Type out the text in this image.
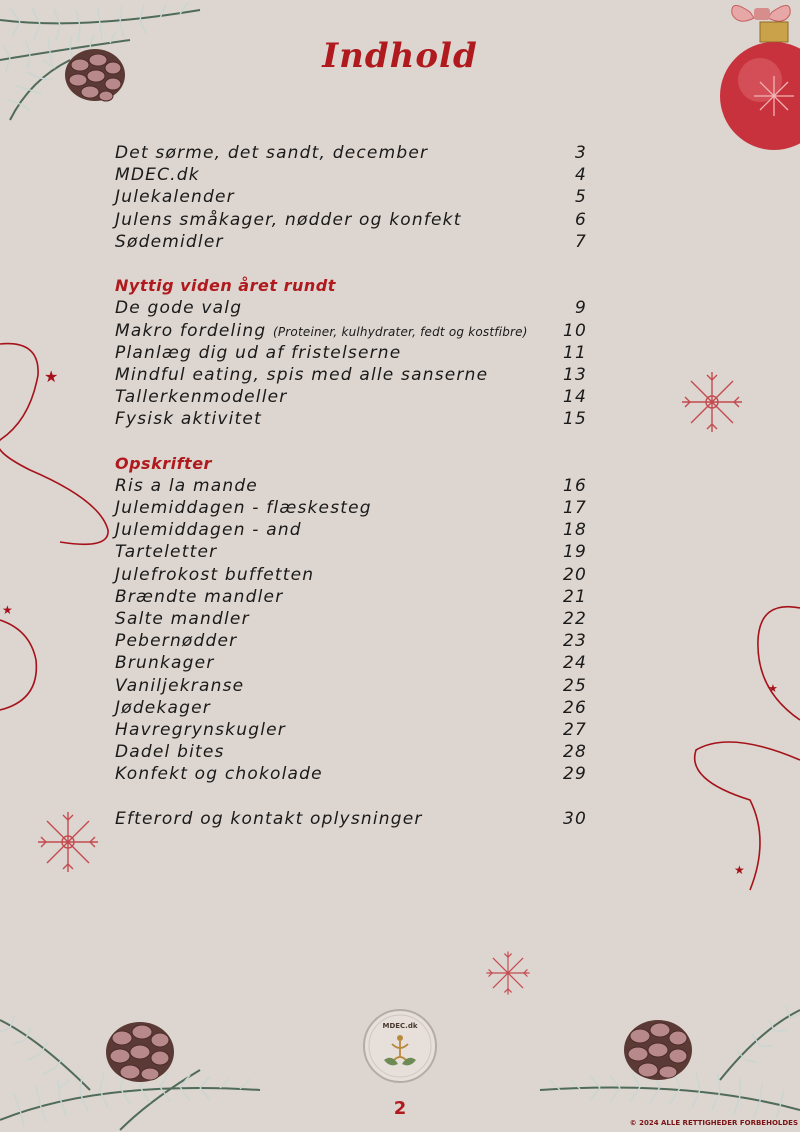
★
★
★
★
Indhold
Det sørme, det sandt, december	3
MDEC.dk	4
Julekalender	5
Julens småkager, nødder og konfekt	6
Sødemidler	7
Nyttig viden året rundt
De gode valg	9
Makro fordeling (Proteiner, kulhydrater, fedt og kostfibre)	10
Planlæg dig ud af fristelserne	11
Mindful eating, spis med alle sanserne	13
Tallerkenmodeller	14
Fysisk aktivitet	15
Opskrifter
Ris a la mande	16
Julemiddagen - flæskesteg	17
Julemiddagen - and	18
Tarteletter	19
Julefrokost buffetten	20
Brændte mandler	21
Salte mandler	22
Pebernødder	23
Brunkager	24
Vaniljekranse	25
Jødekager	26
Havregrynskugler	27
Dadel bites	28
Konfekt og chokolade	29
Efterord og kontakt oplysninger	30
MDEC.dk
2
© 2024 ALLE RETTIGHEDER FORBEHOLDES
